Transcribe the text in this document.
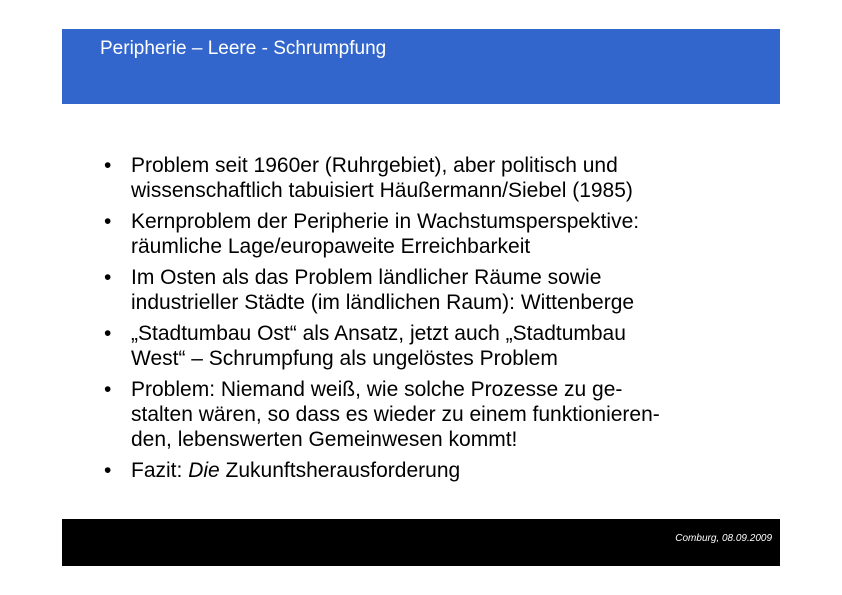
Peripherie – Leere - Schrumpfung
• Problem seit 1960er (Ruhrgebiet), aber politisch und
wissenschaftlich tabuisiert Häußermann/Siebel (1985)
• Kernproblem der Peripherie in Wachstumsperspektive:
räumliche Lage/europaweite Erreichbarkeit
• Im Osten als das Problem ländlicher Räume sowie
industrieller Städte (im ländlichen Raum): Wittenberge
• „Stadtumbau Ost“ als Ansatz, jetzt auch „Stadtumbau
West“ – Schrumpfung als ungelöstes Problem
• Problem: Niemand weiß, wie solche Prozesse zu ge-
stalten wären, so dass es wieder zu einem funktionieren-
den, lebenswerten Gemeinwesen kommt!
• Fazit: Die Zukunftsherausforderung
Comburg, 08.09.2009
